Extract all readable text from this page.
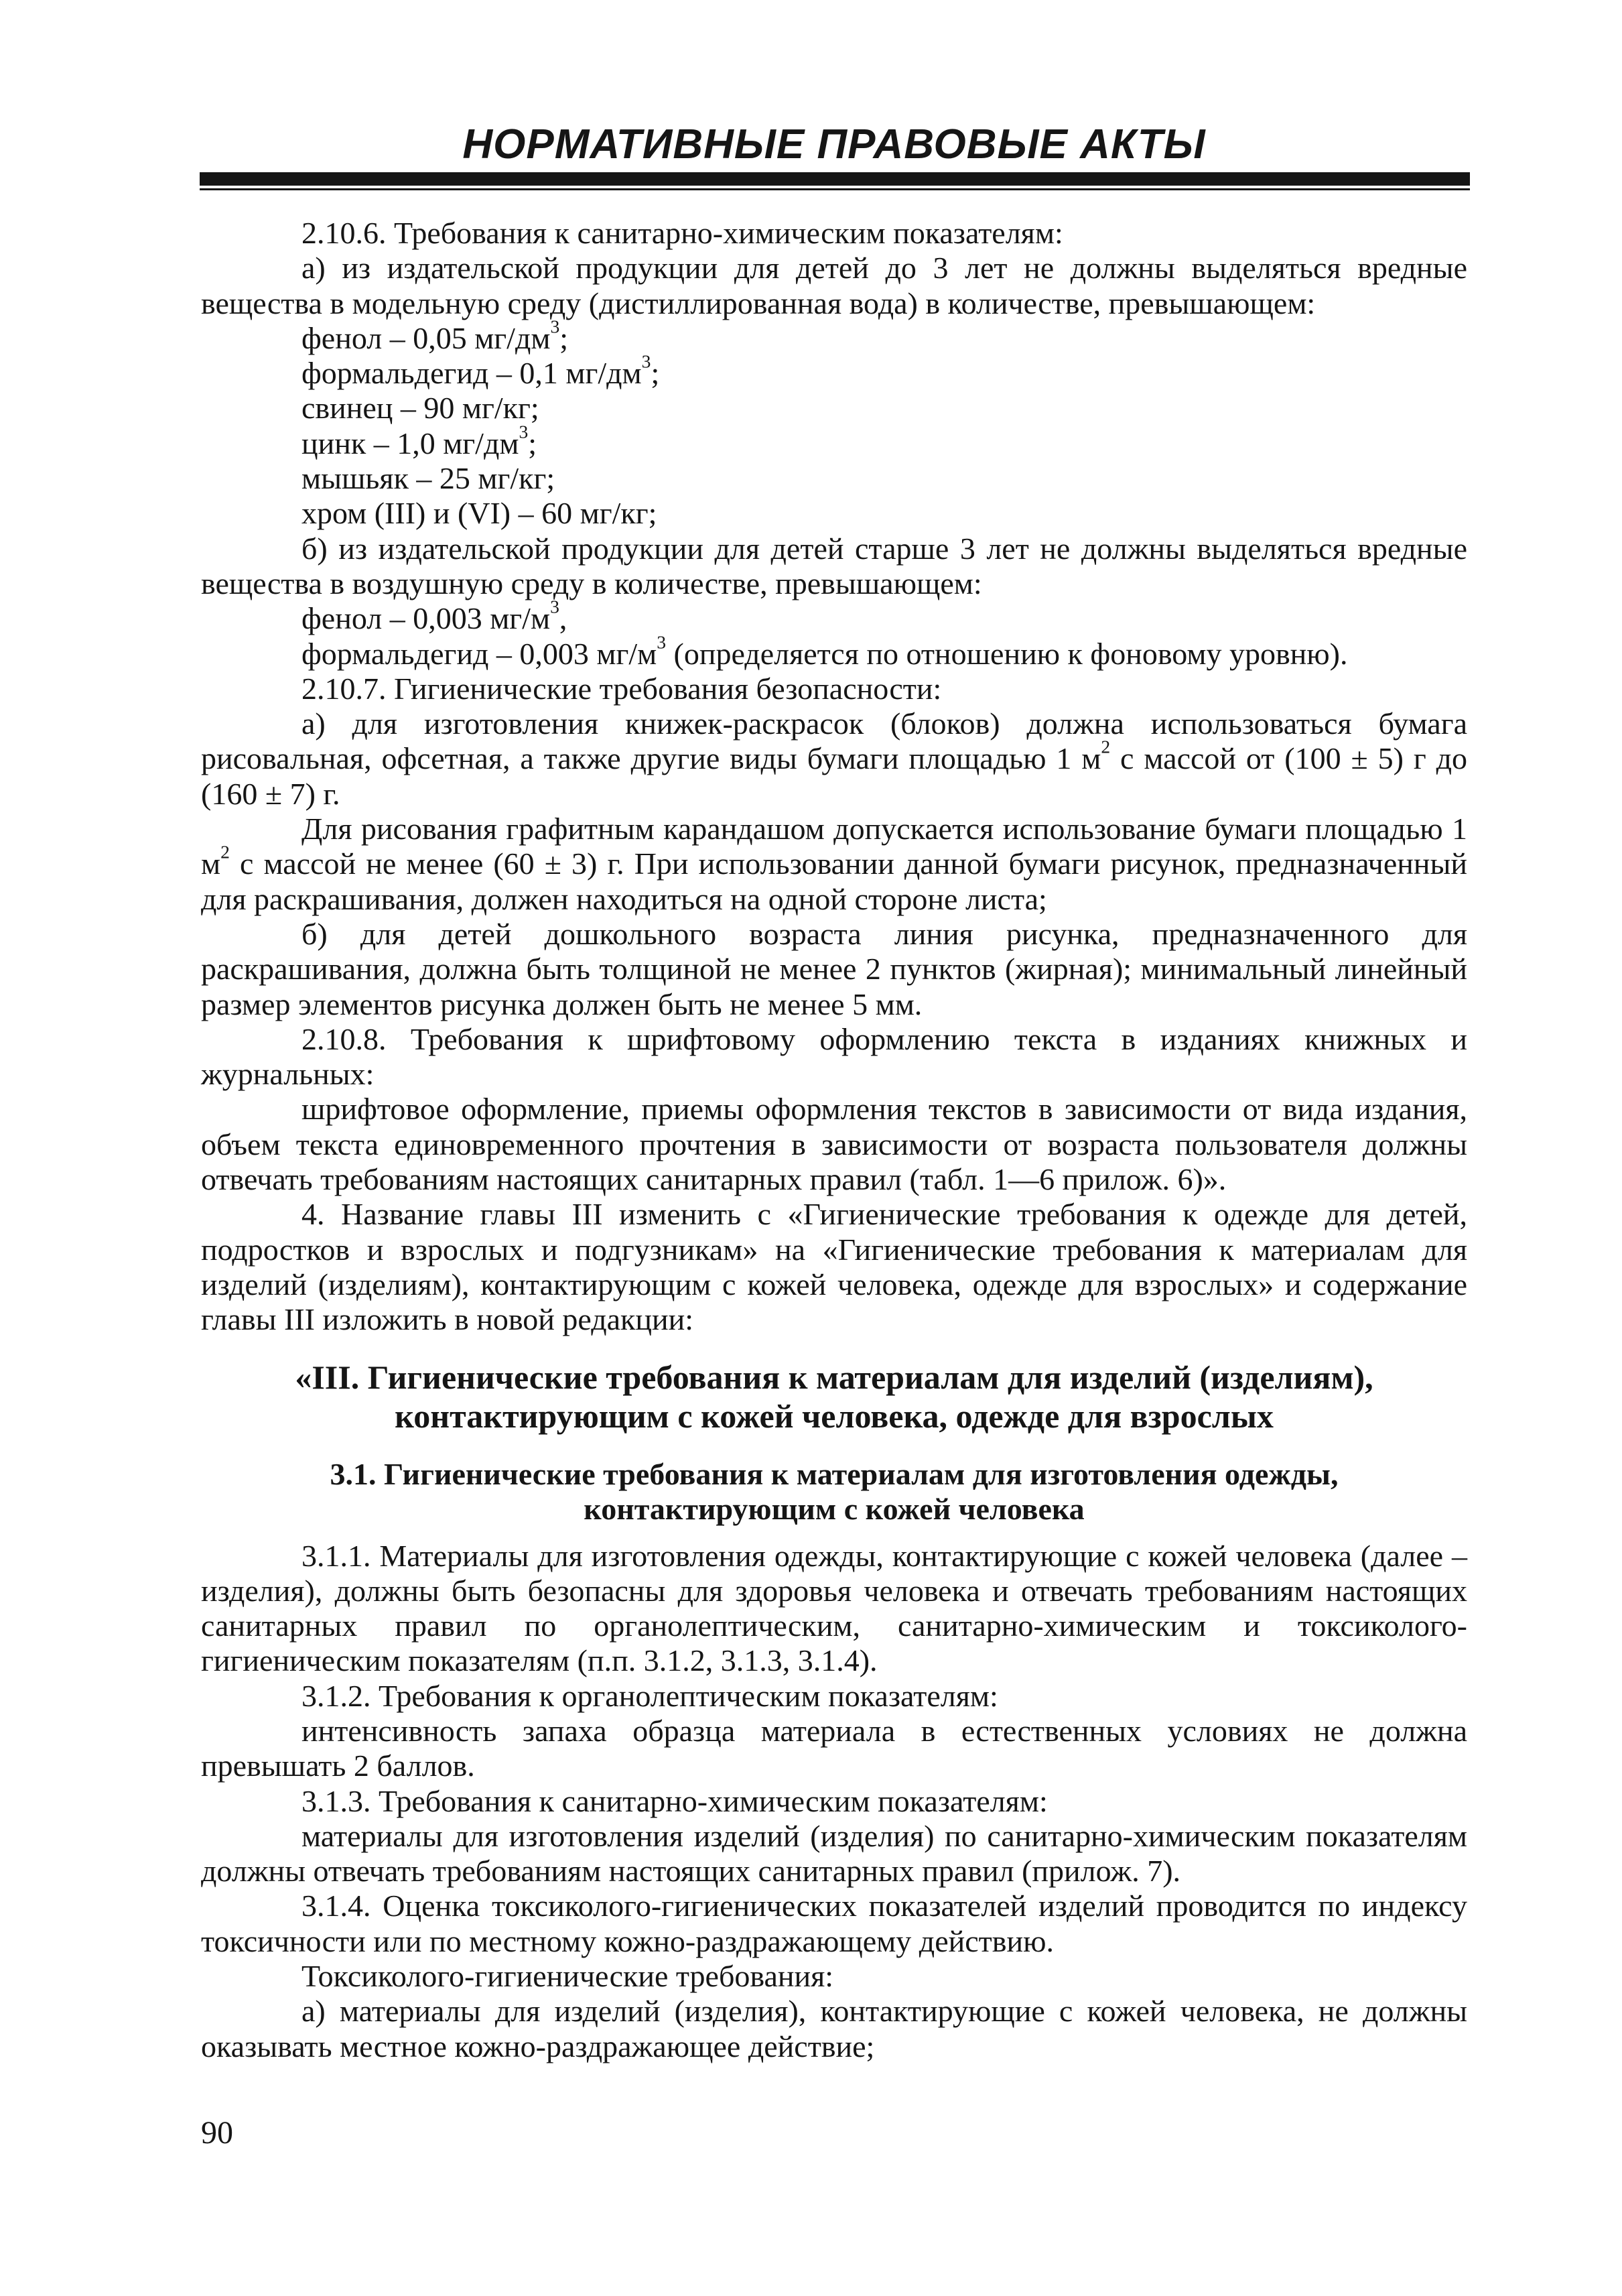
НОРМАТИВНЫЕ ПРАВОВЫЕ АКТЫ

2.10.6. Требования к санитарно-химическим показателям:

а) из издательской продукции для детей до 3 лет не должны выделяться вредные вещества в модельную среду (дистиллированная вода) в количестве, превышающем:

фенол – 0,05 $мг/дм^3$;

формальдегид – 0,1 $мг/дм^3$;

свинец – 90 мг/кг;

цинк – 1,0 $мг/дм^3$;

мышьяк – 25 мг/кг;

хром (III) и (VI) – 60 мг/кг;

б) из издательской продукции для детей старше 3 лет не должны выделяться вредные вещества в воздушную среду в количестве, превышающем:

фенол – 0,003 $мг/м^3$,

формальдегид – 0,003 $мг/м^3$ (определяется по отношению к фоновому уровню).

2.10.7. Гигиенические требования безопасности:

а) для изготовления книжек-раскрасок (блоков) должна использоваться бумага рисовальная, офсетная, а также другие виды бумаги площадью 1 $м^2$ с массой от (100 ± 5) г до (160 ± 7) г.

Для рисования графитным карандашом допускается использование бумаги площадью 1 $м^2$ с массой не менее (60 ± 3) г. При использовании данной бумаги рисунок, предназначенный для раскрашивания, должен находиться на одной стороне листа;

б) для детей дошкольного возраста линия рисунка, предназначенного для раскрашивания, должна быть толщиной не менее 2 пунктов (жирная); минимальный линейный размер элементов рисунка должен быть не менее 5 мм.

2.10.8. Требования к шрифтовому оформлению текста в изданиях книжных и журнальных:

шрифтовое оформление, приемы оформления текстов в зависимости от вида издания, объем текста единовременного прочтения в зависимости от возраста пользователя должны отвечать требованиям настоящих санитарных правил (табл. 1—6 прилож. 6)».

4. Название главы III изменить с «Гигиенические требования к одежде для детей, подростков и взрослых и подгузникам» на «Гигиенические требования к материалам для изделий (изделиям), контактирующим с кожей человека, одежде для взрослых» и содержание главы III изложить в новой редакции:

«III. Гигиенические требования к материалам для изделий (изделиям), контактирующим с кожей человека, одежде для взрослых

3.1. Гигиенические требования к материалам для изготовления одежды, контактирующим с кожей человека

3.1.1. Материалы для изготовления одежды, контактирующие с кожей человека (далее – изделия), должны быть безопасны для здоровья человека и отвечать требованиям настоящих санитарных правил по органолептическим, санитарно-химическим и токсиколого-гигиеническим показателям (п.п. 3.1.2, 3.1.3, 3.1.4).

3.1.2. Требования к органолептическим показателям:

интенсивность запаха образца материала в естественных условиях не должна превышать 2 баллов.

3.1.3. Требования к санитарно-химическим показателям:

материалы для изготовления изделий (изделия) по санитарно-химическим показателям должны отвечать требованиям настоящих санитарных правил (прилож. 7).

3.1.4. Оценка токсиколого-гигиенических показателей изделий проводится по индексу токсичности или по местному кожно-раздражающему действию.

Токсиколого-гигиенические требования:

а) материалы для изделий (изделия), контактирующие с кожей человека, не должны оказывать местное кожно-раздражающее действие;

90
